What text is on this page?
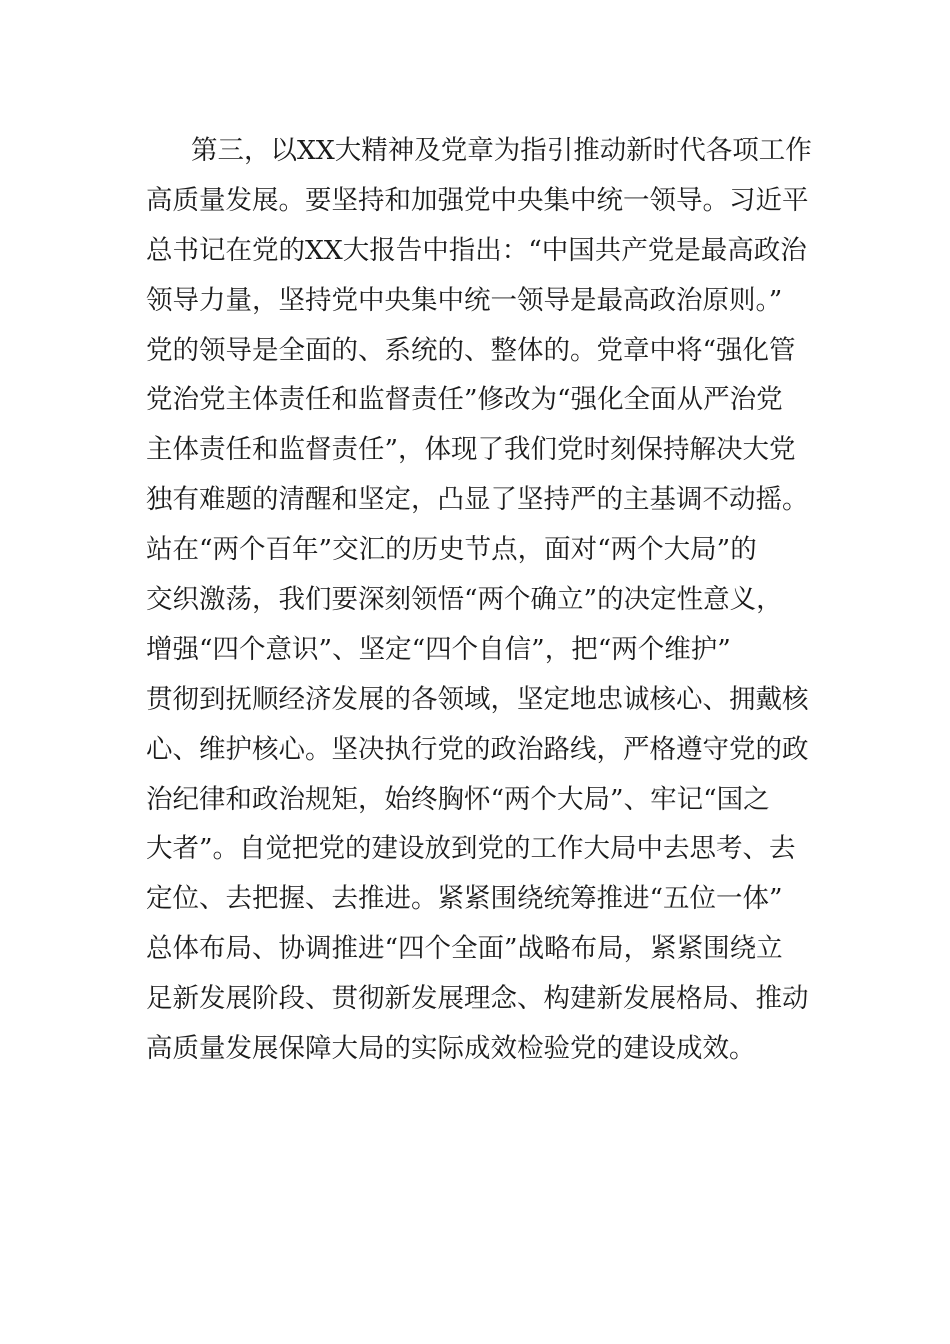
第三，以XX大精神及党章为指引推动新时代各项工作
高质量发展。要坚持和加强党中央集中统一领导。习近平
总书记在党的XX大报告中指出：“中国共产党是最高政治
领导力量，坚持党中央集中统一领导是最高政治原则。”
党的领导是全面的、系统的、整体的。党章中将“强化管
党治党主体责任和监督责任”修改为“强化全面从严治党
主体责任和监督责任”，体现了我们党时刻保持解决大党
独有难题的清醒和坚定，凸显了坚持严的主基调不动摇。
站在“两个百年”交汇的历史节点，面对“两个大局”的
交织激荡，我们要深刻领悟“两个确立”的决定性意义，
增强“四个意识”、坚定“四个自信”，把“两个维护”
贯彻到抚顺经济发展的各领域，坚定地忠诚核心、拥戴核
心、维护核心。坚决执行党的政治路线，严格遵守党的政
治纪律和政治规矩，始终胸怀“两个大局”、牢记“国之
大者”。自觉把党的建设放到党的工作大局中去思考、去
定位、去把握、去推进。紧紧围绕统筹推进“五位一体”
总体布局、协调推进“四个全面”战略布局，紧紧围绕立
足新发展阶段、贯彻新发展理念、构建新发展格局、推动
高质量发展保障大局的实际成效检验党的建设成效。
